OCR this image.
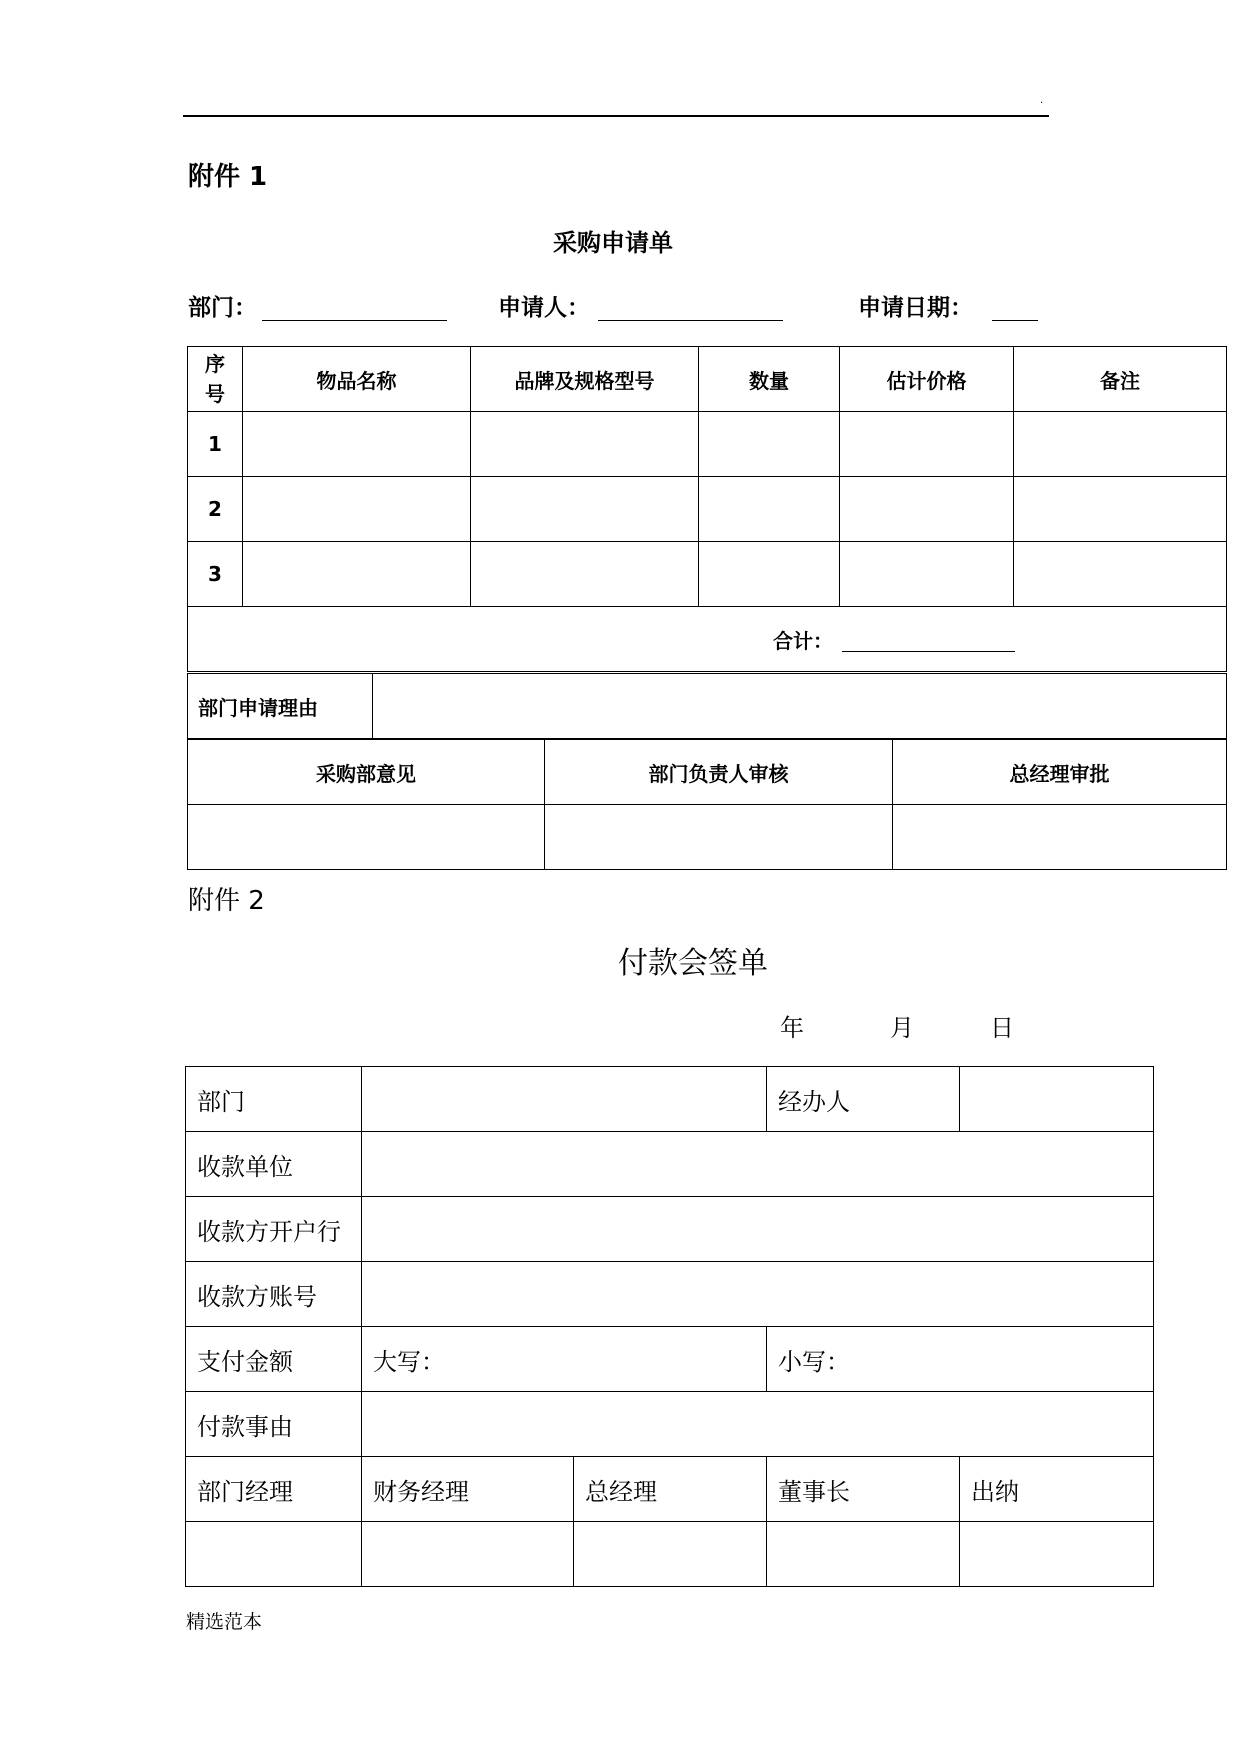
.
附件 1
采购申请单
部门：	申请人：	申请日期：
序号	物品名称	品牌及规格型号	数量	估计价格	备注
1					
2					
3					

合计：					
部门申请理由	
采购部意见	部门负责人审核	总经理审批

附件 2
付款会签单
年	月	日
部门			经办人	
收款单位				
收款方开户行				
收款方账号				
支付金额	大写：		小写：	
付款事由				
部门经理	财务经理	总经理	董事长	出纳

精选范本
